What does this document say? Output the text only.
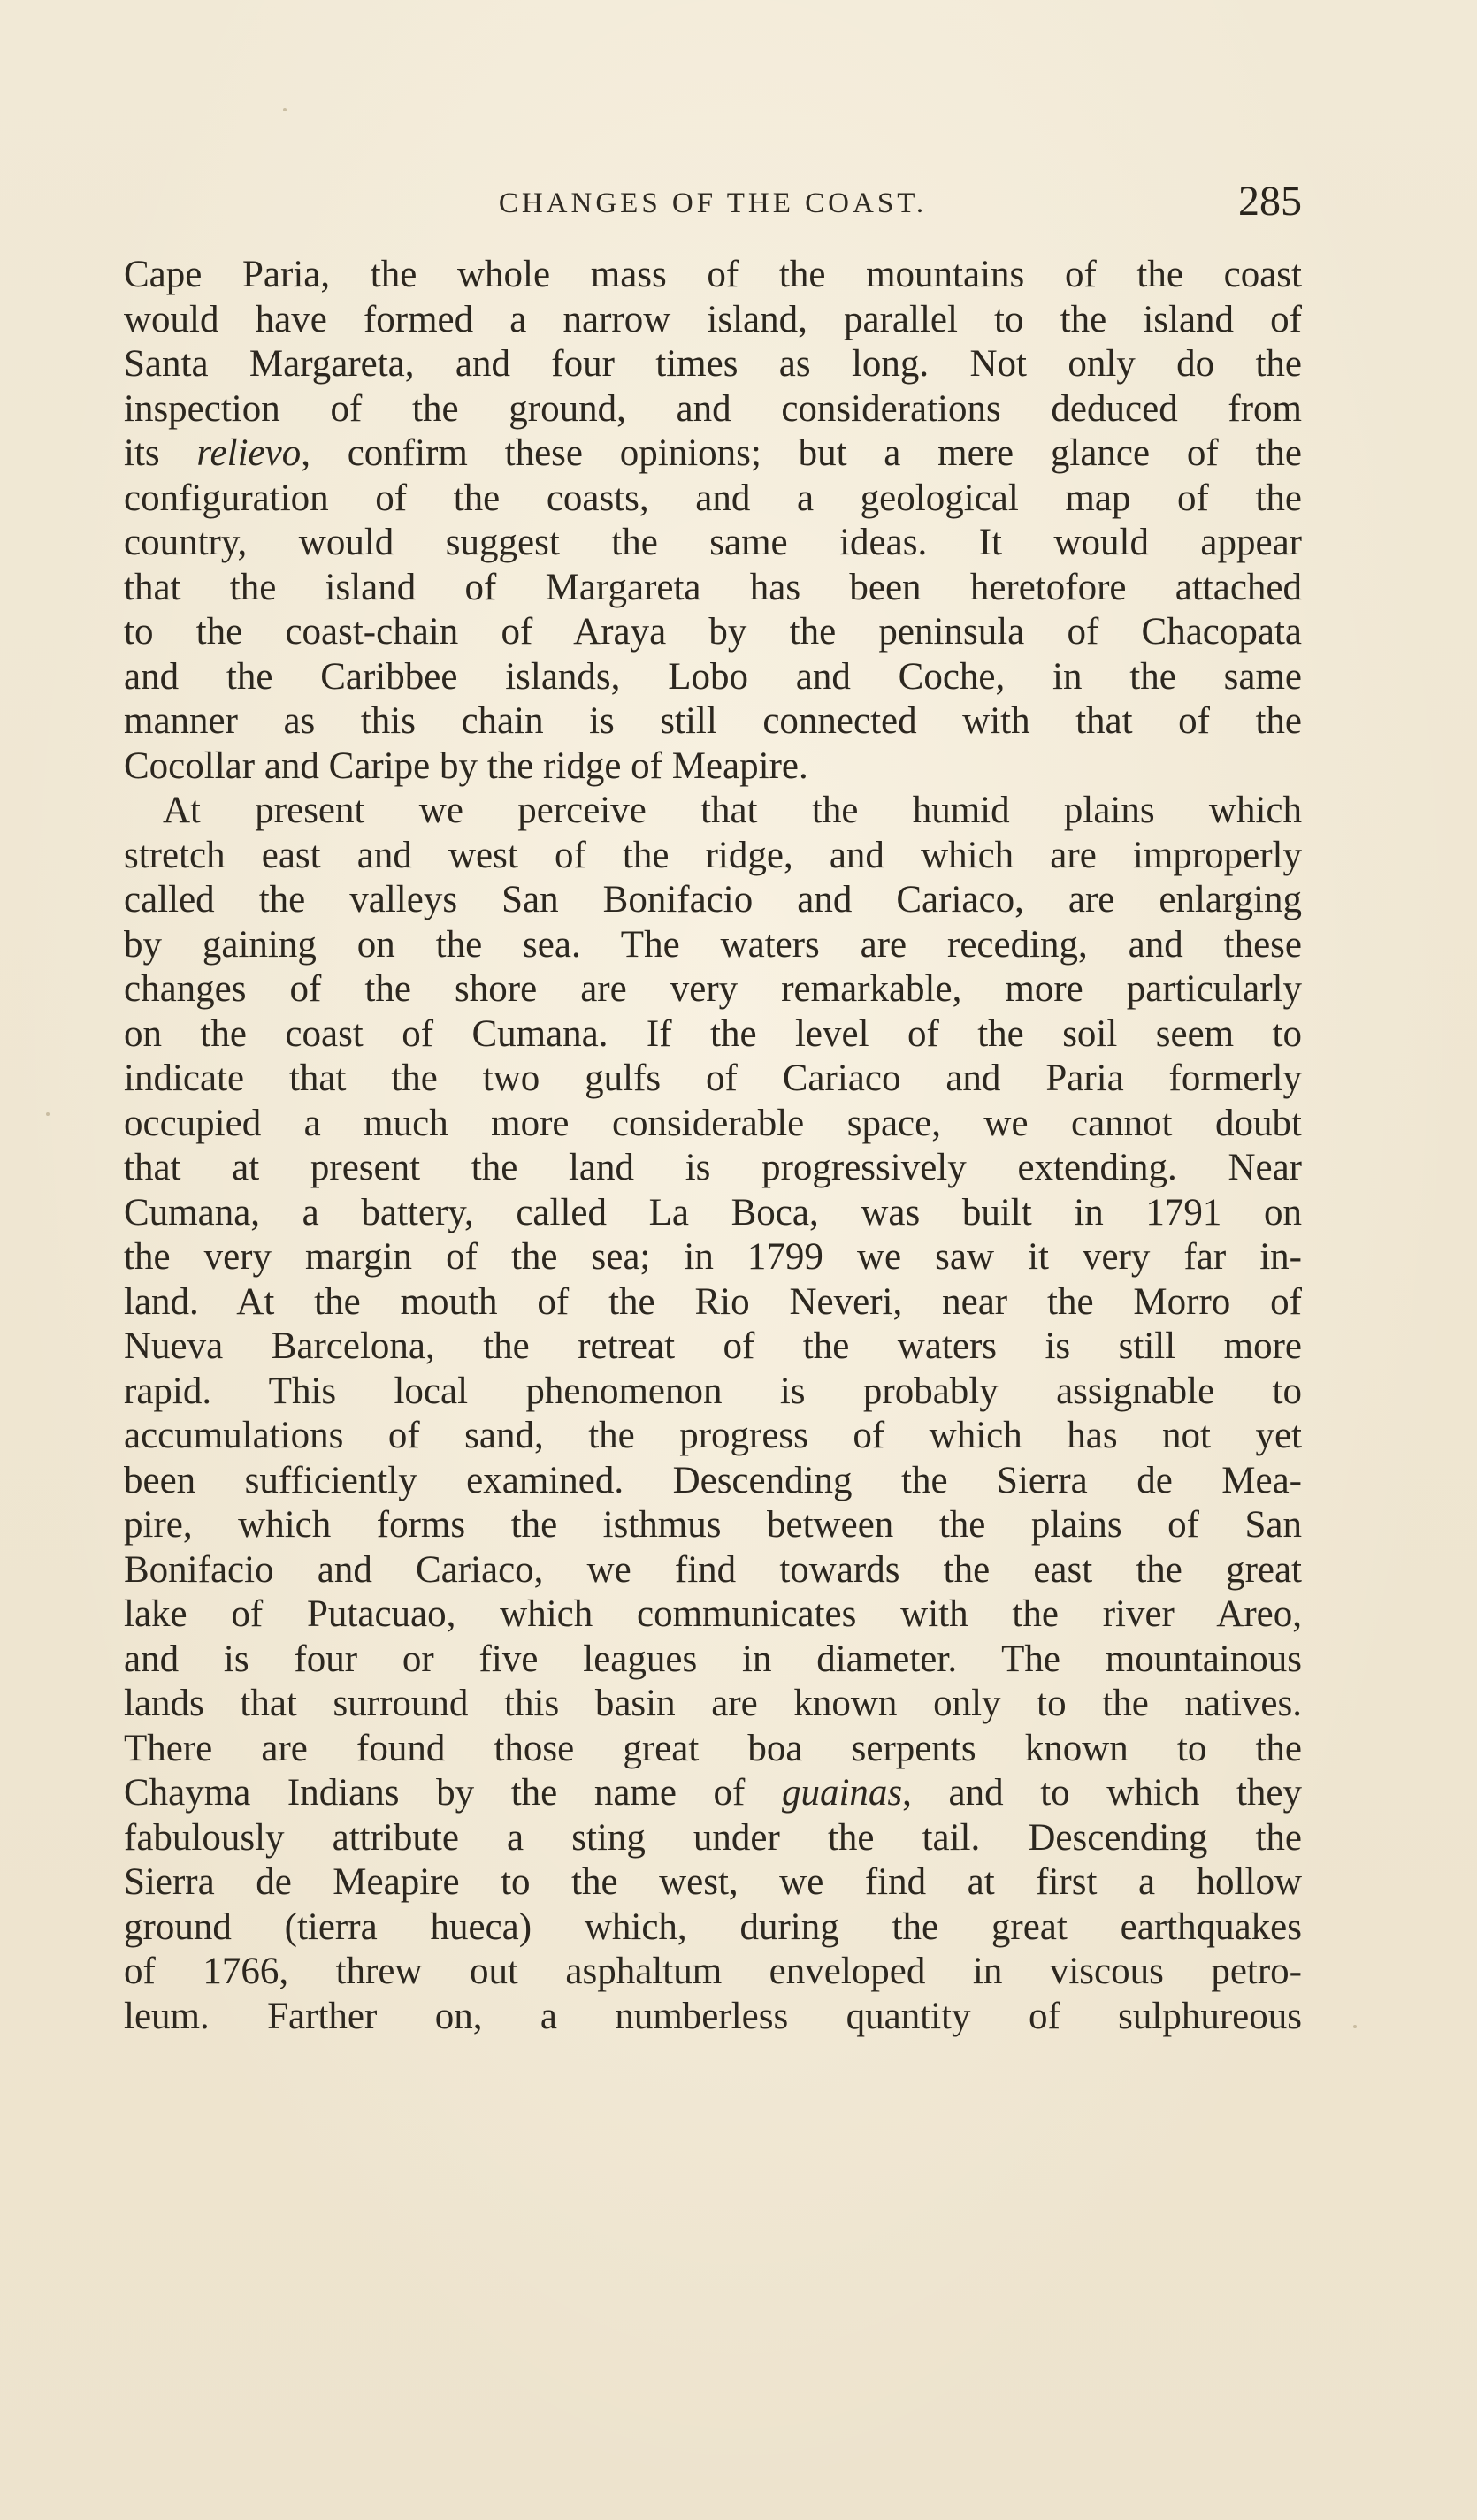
CHANGES OF THE COAST.	285
Cape Paria, the whole mass of the mountains of the coast
would have formed a narrow island, parallel to the island of
Santa Margareta, and four times as long. Not only do the
inspection of the ground, and considerations deduced from
its relievo, confirm these opinions; but a mere glance of the
configuration of the coasts, and a geological map of the
country, would suggest the same ideas. It would appear
that the island of Margareta has been heretofore attached
to the coast-chain of Araya by the peninsula of Chacopata
and the Caribbee islands, Lobo and Coche, in the same
manner as this chain is still connected with that of the
Cocollar and Caripe by the ridge of Meapire.
At present we perceive that the humid plains which
stretch east and west of the ridge, and which are improperly
called the valleys San Bonifacio and Cariaco, are enlarging
by gaining on the sea. The waters are receding, and these
changes of the shore are very remarkable, more particularly
on the coast of Cumana. If the level of the soil seem to
indicate that the two gulfs of Cariaco and Paria formerly
occupied a much more considerable space, we cannot doubt
that at present the land is progressively extending. Near
Cumana, a battery, called La Boca, was built in 1791 on
the very margin of the sea; in 1799 we saw it very far in-
land. At the mouth of the Rio Neveri, near the Morro of
Nueva Barcelona, the retreat of the waters is still more
rapid. This local phenomenon is probably assignable to
accumulations of sand, the progress of which has not yet
been sufficiently examined. Descending the Sierra de Mea-
pire, which forms the isthmus between the plains of San
Bonifacio and Cariaco, we find towards the east the great
lake of Putacuao, which communicates with the river Areo,
and is four or five leagues in diameter. The mountainous
lands that surround this basin are known only to the natives.
There are found those great boa serpents known to the
Chayma Indians by the name of guainas, and to which they
fabulously attribute a sting under the tail. Descending the
Sierra de Meapire to the west, we find at first a hollow
ground (tierra hueca) which, during the great earthquakes
of 1766, threw out asphaltum enveloped in viscous petro-
leum. Farther on, a numberless quantity of sulphureous
